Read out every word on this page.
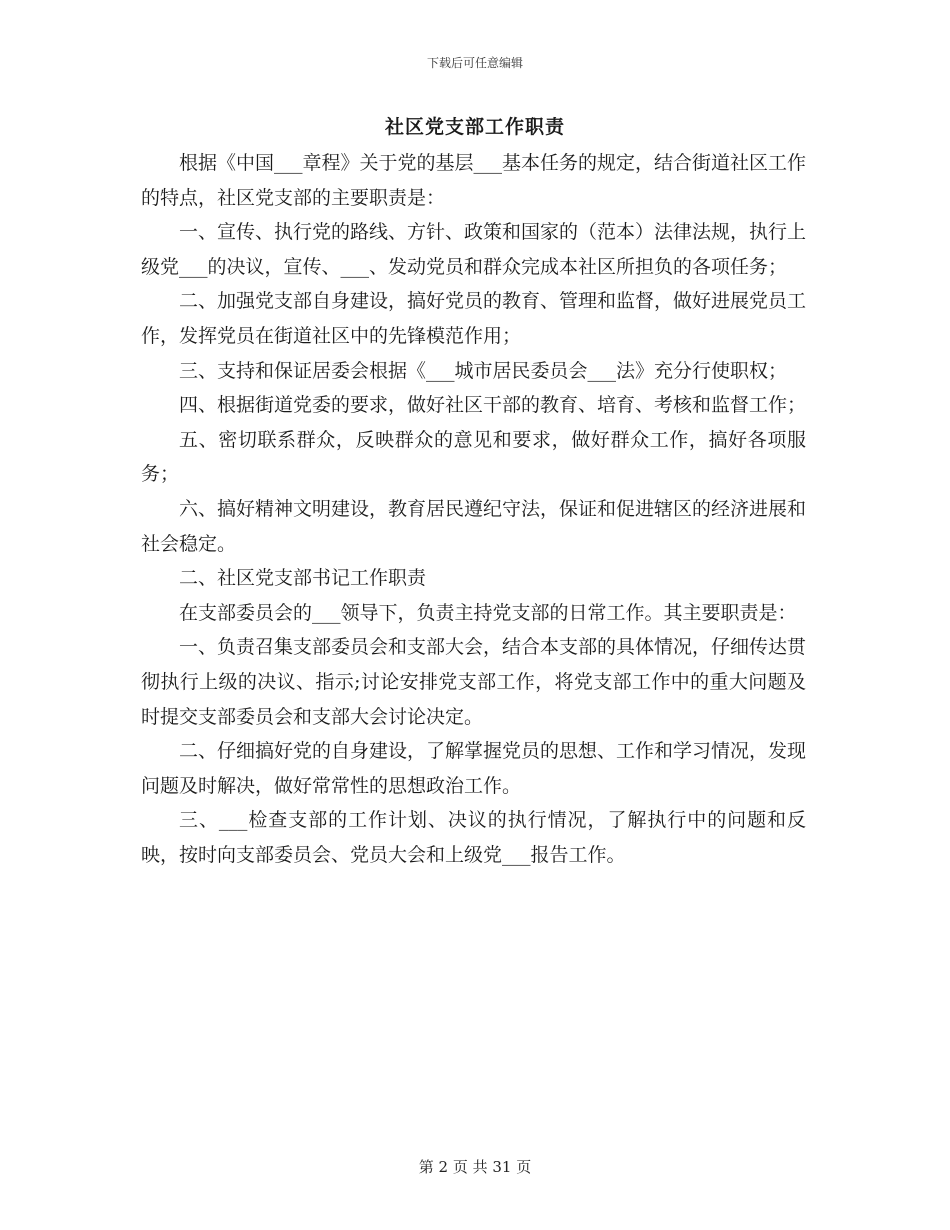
下载后可任意编辑
社区党支部工作职责

根据《中国___章程》关于党的基层___基本任务的规定，结合街道社区工作的特点，社区党支部的主要职责是：

一、宣传、执行党的路线、方针、政策和国家的（范本）法律法规，执行上级党___的决议，宣传、___、发动党员和群众完成本社区所担负的各项任务；

二、加强党支部自身建设，搞好党员的教育、管理和监督，做好进展党员工作，发挥党员在街道社区中的先锋模范作用；

三、支持和保证居委会根据《___城市居民委员会___法》充分行使职权；

四、根据街道党委的要求，做好社区干部的教育、培育、考核和监督工作；

五、密切联系群众，反映群众的意见和要求，做好群众工作，搞好各项服务；

六、搞好精神文明建设，教育居民遵纪守法，保证和促进辖区的经济进展和社会稳定。

二、社区党支部书记工作职责

在支部委员会的___领导下，负责主持党支部的日常工作。其主要职责是：

一、负责召集支部委员会和支部大会，结合本支部的具体情况，仔细传达贯彻执行上级的决议、指示;讨论安排党支部工作，将党支部工作中的重大问题及时提交支部委员会和支部大会讨论决定。

二、仔细搞好党的自身建设，了解掌握党员的思想、工作和学习情况，发现问题及时解决，做好常常性的思想政治工作。

三、___检查支部的工作计划、决议的执行情况，了解执行中的问题和反映，按时向支部委员会、党员大会和上级党___报告工作。

第 2 页 共 31 页
